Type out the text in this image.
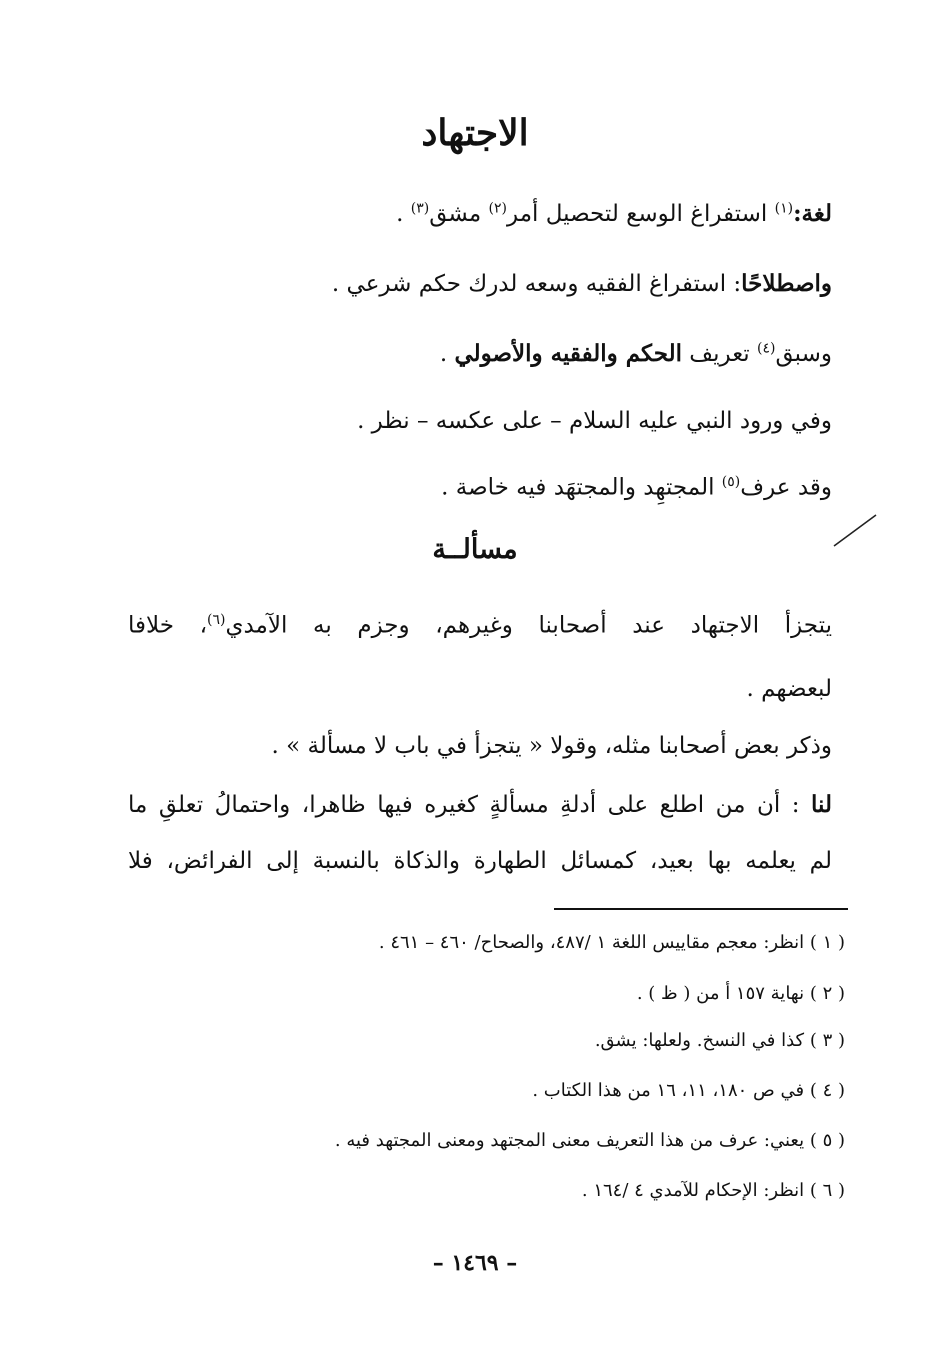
الاجتهاد
لغة:$^{(١)}$ استفراغ الوسع لتحصيل أمر$^{(٢)}$ مشق$^{(٣)}$ .
واصطلاحًا: استفراغ الفقيه وسعه لدرك حكم شرعي .
وسبق$^{(٤)}$ تعريف الحكم والفقيه والأصولي .
وفي ورود النبي عليه السلام – على عكسه – نظر .
وقد عرف$^{(٥)}$ المجتهِد والمجتهَد فيه خاصة .
مسألــة
يتجزأ الاجتهاد عند أصحابنا وغيرهم، وجزم به الآمدي$^{(٦)}$، خلافا
لبعضهم .
وذكر بعض أصحابنا مثله، وقولا « يتجزأ في باب لا مسألة » .
لنا : أن من اطلع على أدلةِ مسألةٍ كغيره فيها ظاهرا، واحتمالُ تعلقِ ما
لم يعلمه بها بعيد، كمسائل الطهارة والذكاة بالنسبة إلى الفرائض، فلا
( ١ ) انظر: معجم مقاييس اللغة ١ /٤٨٧، والصحاح/ ٤٦٠ – ٤٦١ .
( ٢ ) نهاية ١٥٧ أ من ( ظ ) .
( ٣ ) كذا في النسخ. ولعلها: يشق.
( ٤ ) في ص ١٨٠، ١١، ١٦ من هذا الكتاب .
( ٥ ) يعني: عرف من هذا التعريف معنى المجتهد ومعنى المجتهد فيه .
( ٦ ) انظر: الإحكام للآمدي ٤ /١٦٤ .
– ١٤٦٩ –
